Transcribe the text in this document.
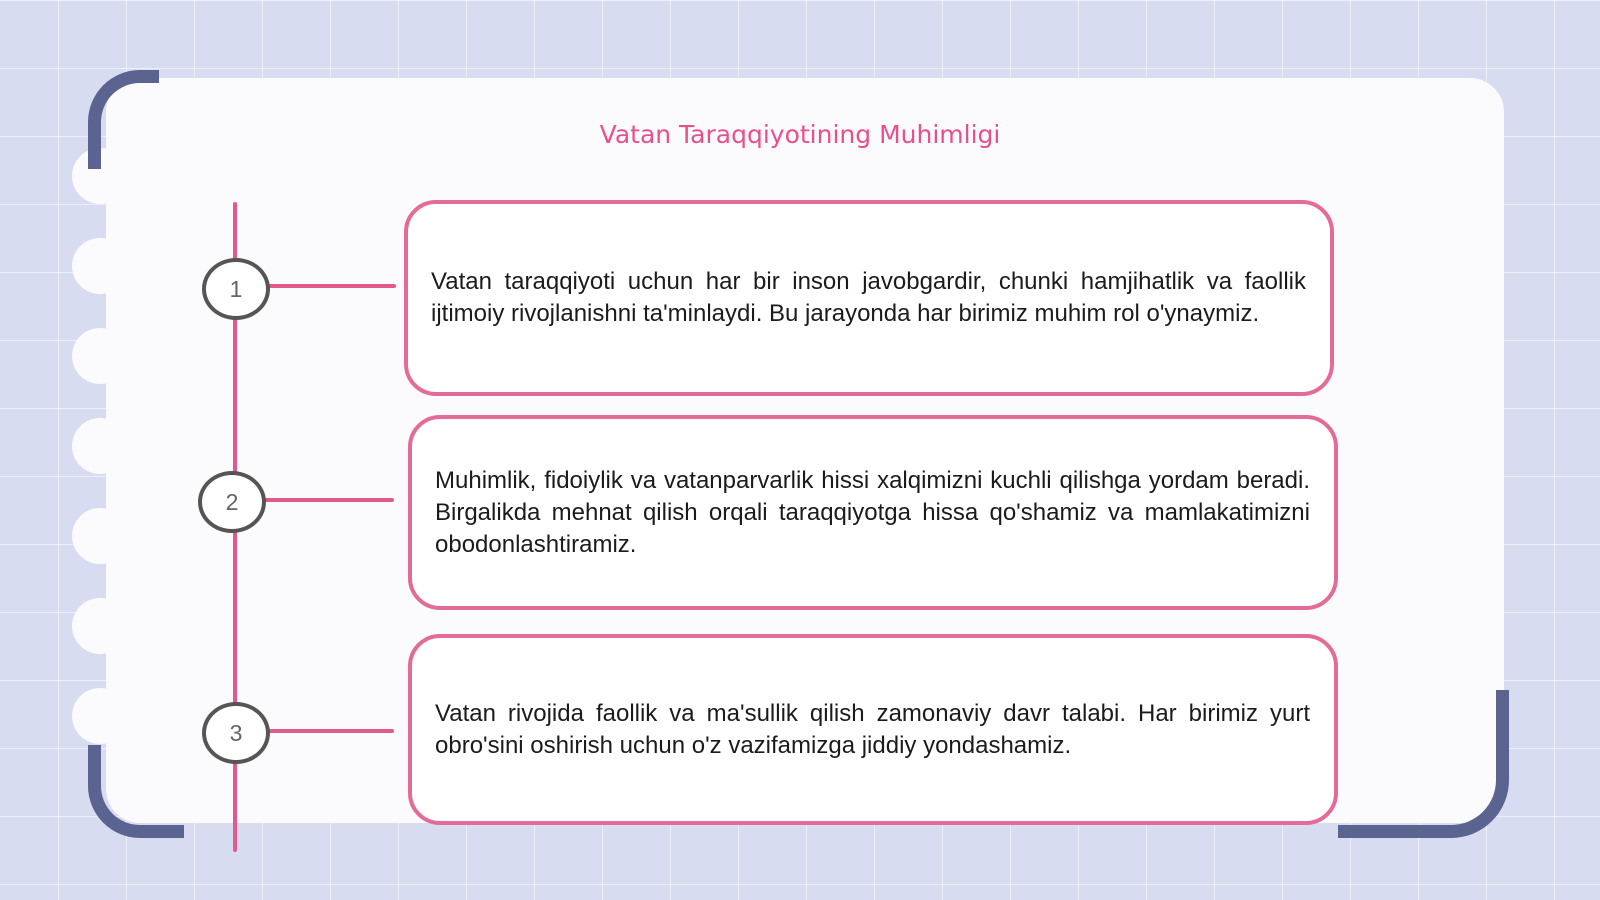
Vatan Taraqqiyotining Muhimligi
1	Vatan taraqqiyoti uchun har bir inson javobgardir, chunki hamjihatlik va faollik ijtimoiy rivojlanishni ta'minlaydi. Bu jarayonda har birimiz muhim rol o'ynaymiz.

2

Muhimlik, fidoiylik va vatanparvarlik hissi xalqimizni kuchli qilishga yordam beradi. Birgalikda mehnat qilish orqali taraqqiyotga hissa qo'shamiz va mamlakatimizni obodonlashtiramiz.

3

Vatan rivojida faollik va ma'sullik qilish zamonaviy davr talabi. Har birimiz yurt obro'sini oshirish uchun o'z vazifamizga jiddiy yondashamiz.
